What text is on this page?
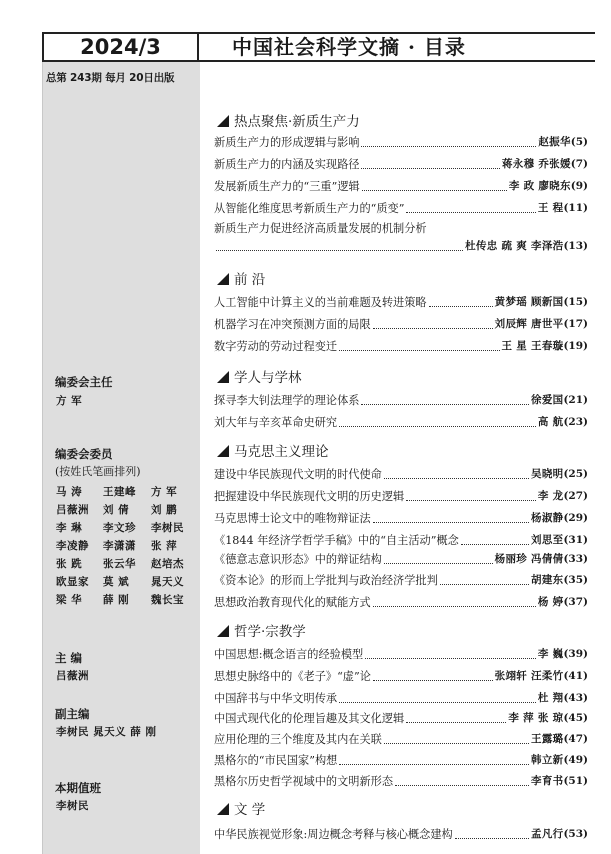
2024/3
总第 243期 每月 20日出版
中国社会科学文摘 · 目录
编委会主任
方 军
编委会委员
(按姓氏笔画排列)
马 涛 王建峰 方 军
吕薇洲 刘 倩 刘 鹏
李 琳 李文珍 李树民
李凌静 李潇潇 张 萍
张 跣 张云华 赵培杰
欧显家 莫 斌 晁天义
梁 华 薛 刚 魏长宝
主 编
吕薇洲
副主编
李树民 晁天义 薛 刚
本期值班
李树民
热点聚焦·新质生产力
新质生产力的形成逻辑与影响	赵振华 (5)
新质生产力的内涵及实现路径	蒋永穆 乔张媛 (7)
发展新质生产力的“三重”逻辑	李 政 廖晓东 (9)
从智能化维度思考新质生产力的“质变”	王 程 (11)
新质生产力促进经济高质量发展的机制分析
杜传忠 疏 爽 李泽浩 (13)
前 沿
人工智能中计算主义的当前难题及转进策略	黄梦瑶 顾新国 (15)
机器学习在冲突预测方面的局限	刘辰辉 唐世平 (17)
数字劳动的劳动过程变迁	王 星 王春璇 (19)
学人与学林
探寻李大钊法理学的理论体系	徐爱国 (21)
刘大年与辛亥革命史研究	高 航 (23)
马克思主义理论
建设中华民族现代文明的时代使命	吴晓明 (25)
把握建设中华民族现代文明的历史逻辑	李 龙 (27)
马克思博士论文中的唯物辩证法	杨淑静 (29)
《1844 年经济学哲学手稿》中的“自主活动”概念	刘思至 (31)
《德意志意识形态》中的辩证结构	杨丽珍 冯倩倩 (33)
《资本论》的形而上学批判与政治经济学批判	胡建东 (35)
思想政治教育现代化的赋能方式	杨 婷 (37)
哲学·宗教学
中国思想:概念语言的经验模型	李 巍 (39)
思想史脉络中的《老子》“虚”论	张翊轩 汪柔竹 (41)
中国辞书与中华文明传承	杜 翔 (43)
中国式现代化的伦理旨趣及其文化逻辑	李 萍 张 琼 (45)
应用伦理的三个维度及其内在关联	王露璐 (47)
黑格尔的“市民国家”构想	韩立新 (49)
黑格尔历史哲学视域中的文明新形态	李育书 (51)
文 学
中华民族视觉形象:周边概念考释与核心概念建构	孟凡行 (53)
